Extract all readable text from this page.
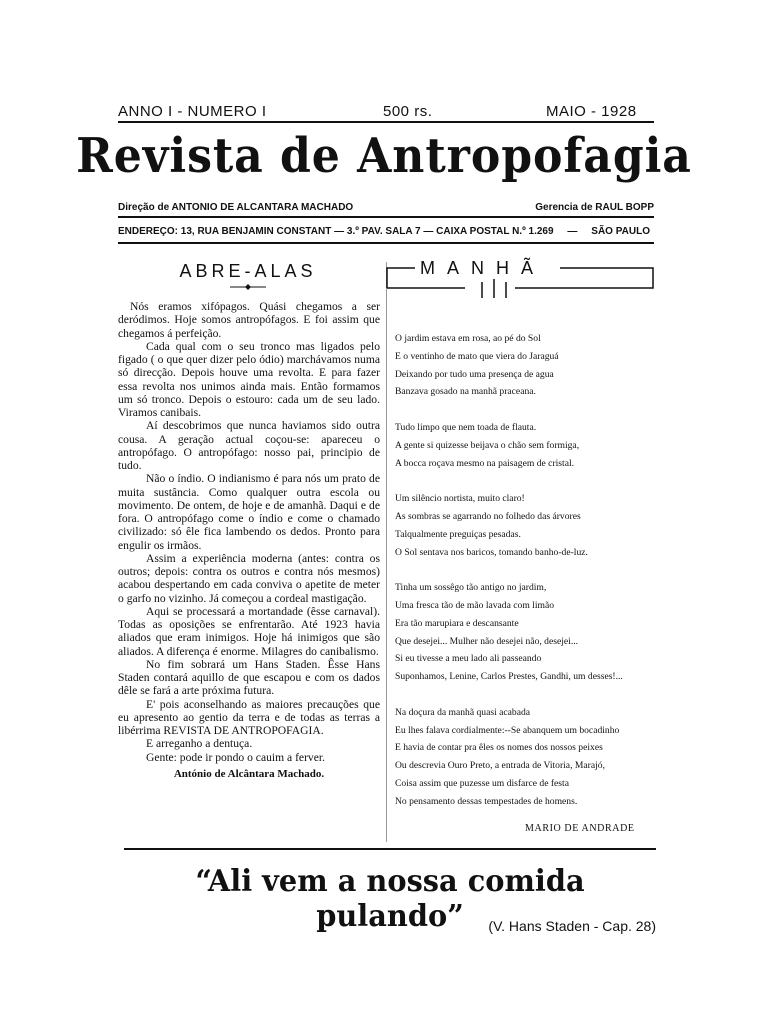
ANNO I - NUMERO I	500 rs.	MAIO - 1928
Revista de Antropofagia
Direção de ANTONIO DE ALCANTARA MACHADO	Gerencia de RAUL BOPP
ENDEREÇO: 13, RUA BENJAMIN CONSTANT — 3.º PAV. SALA 7 — CAIXA POSTAL N.º 1.269 — SÃO PAULO
ABRE-ALAS

Nós eramos xifópagos. Quási chegamos a ser deródimos. Hoje somos antropófagos. E foi assim que chegamos á perfeição.

Cada qual com o seu tronco mas ligados pelo figado ( o que quer dizer pelo ódio) marchávamos numa só direcção. Depois houve uma revolta. E para fazer essa revolta nos unimos ainda mais. Então formamos um só tronco. Depois o estouro: cada um de seu lado. Viramos canibais.

Aí descobrimos que nunca haviamos sido outra cousa. A geração actual coçou-se: apareceu o antropófago. O antropófago: nosso pai, principio de tudo.

Não o índio. O indianismo é para nós um prato de muita sustância. Como qualquer outra escola ou movimento. De ontem, de hoje e de amanhã. Daqui e de fora. O antropófago come o índio e come o chamado civilizado: só êle fica lambendo os dedos. Pronto para engulir os irmãos.

Assim a experiência moderna (antes: contra os outros; depois: contra os outros e contra nós mesmos) acabou despertando em cada conviva o apetite de meter o garfo no vizinho. Já começou a cordeal mastigação.

Aqui se processará a mortandade (êsse carnaval). Todas as oposições se enfrentarão. Até 1923 havia aliados que eram inimigos. Hoje há inimigos que são aliados. A diferença é enorme. Milagres do canibalismo.

No fim sobrará um Hans Staden. Êsse Hans Staden contará aquillo de que escapou e com os dados dêle se fará a arte próxima futura.

E' pois aconselhando as maiores precauções que eu apresento ao gentio da terra e de todas as terras a libérrima REVISTA DE ANTROPOFAGIA.

E arreganho a dentuça.

Gente: pode ir pondo o cauim a ferver.

António de Alcântara Machado.

MANHÃ
O jardim estava em rosa, ao pé do Sol
E o ventinho de mato que viera do Jaraguá
Deixando por tudo uma presença de agua
Banzava gosado na manhã praceana.
Tudo limpo que nem toada de flauta.
A gente si quizesse beijava o chão sem formiga,
A bocca roçava mesmo na paisagem de cristal.
Um silêncio nortista, muito claro!
As sombras se agarrando no folhedo das árvores
Talqualmente preguiças pesadas.
O Sol sentava nos baricos, tomando banho-de-luz.
Tinha um sossêgo tão antigo no jardim,
Uma fresca tão de mão lavada com limão
Era tão marupiara e descansante
Que desejei... Mulher não desejei não, desejei...
Si eu tivesse a meu lado ali passeando
Suponhamos, Lenine, Carlos Prestes, Gandhi, um desses!...
Na doçura da manhã quasi acabada
Eu lhes falava cordialmente:--Se abanquem um bocadinho
E havia de contar pra êles os nomes dos nossos peixes
Ou descrevia Ouro Preto, a entrada de Vitoria, Marajó,
Coisa assim que puzesse um disfarce de festa
No pensamento dessas tempestades de homens.
MARIO DE ANDRADE
“Ali vem a nossa comida pulando”	(V. Hans Staden - Cap. 28)
